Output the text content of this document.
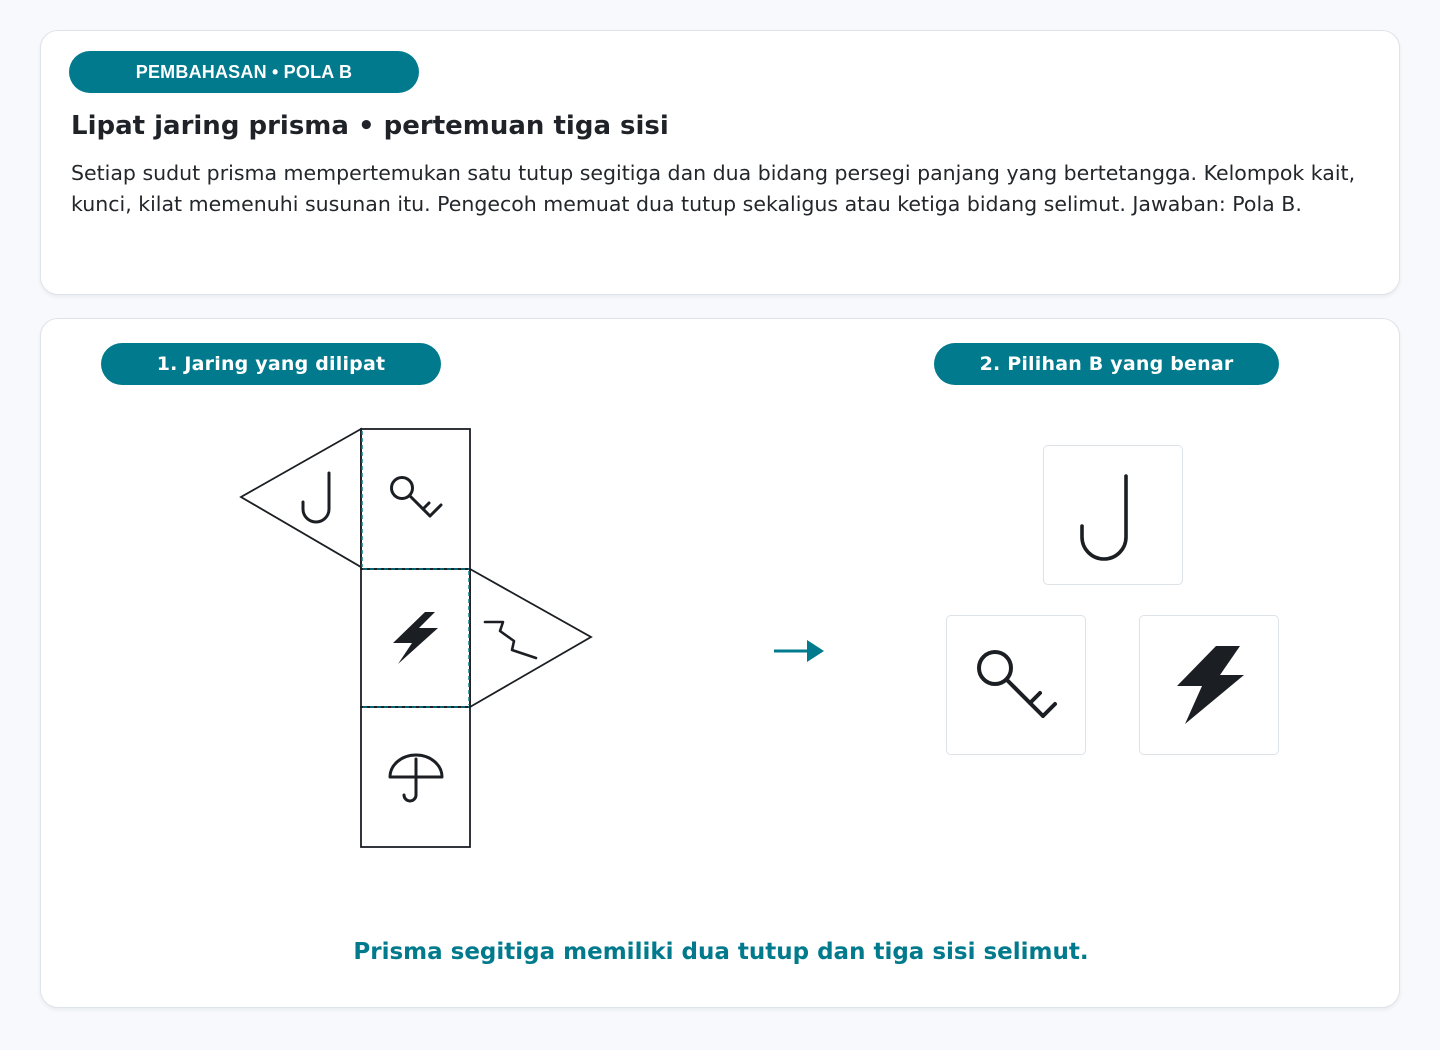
PEMBAHASAN • POLA B
Lipat jaring prisma • pertemuan tiga sisi

Setiap sudut prisma mempertemukan satu tutup segitiga dan dua bidang persegi panjang yang bertetangga. Kelompok kait, kunci, kilat memenuhi susunan itu. Pengecoh memuat dua tutup sekaligus atau ketiga bidang selimut. Jawaban: Pola B.

1. Jaring yang dilipat	2. Pilihan B yang benar

Prisma segitiga memiliki dua tutup dan tiga sisi selimut.
